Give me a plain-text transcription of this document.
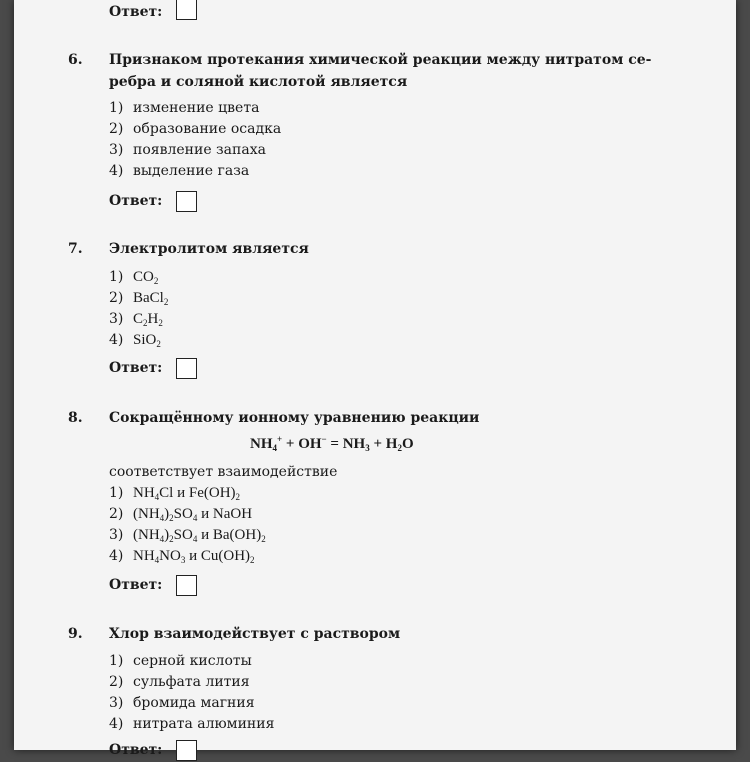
Ответ:
6. Признаком протекания химической реакции между нитратом се-
ребра и соляной кислотой является
1) изменение цвета
2) образование осадка
3) появление запаха
4) выделение газа
Ответ:
7. Электролитом является
1) $CO_2$
2) BaCl$_2$
3) $C_2H_2$
4) SiO$_2$
Ответ:
8. Сокращённому ионному уравнению реакции
$NH_4^+ + OH^- = NH_3 + H_2O$
соответствует взаимодействие
1) $NH_4Cl$ и $Fe(OH)_2$
2) $(NH_4)_2SO_4$ и NaOH
3) $(NH_4)_2SO_4$ и $Ba(OH)_2$
4) $NH_4NO_3$ и $Cu(OH)_2$
Ответ:
9. Хлор взаимодействует с раствором
1) серной кислоты
2) сульфата лития
3) бромида магния
4) нитрата алюминия
Ответ:
